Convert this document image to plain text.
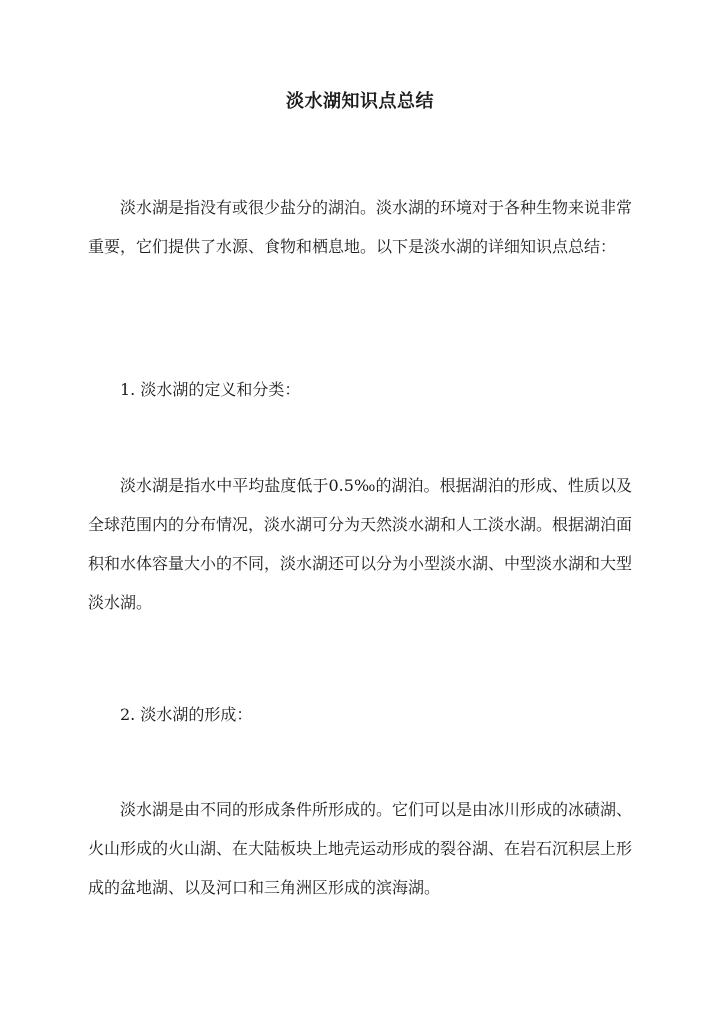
淡水湖知识点总结
淡水湖是指没有或很少盐分的湖泊。淡水湖的环境对于各种生物来说非常重要，它们提供了水源、食物和栖息地。以下是淡水湖的详细知识点总结：
1. 淡水湖的定义和分类：
淡水湖是指水中平均盐度低于0.5‰的湖泊。根据湖泊的形成、性质以及全球范围内的分布情况，淡水湖可分为天然淡水湖和人工淡水湖。根据湖泊面积和水体容量大小的不同，淡水湖还可以分为小型淡水湖、中型淡水湖和大型淡水湖。
2. 淡水湖的形成：
淡水湖是由不同的形成条件所形成的。它们可以是由冰川形成的冰碛湖、火山形成的火山湖、在大陆板块上地壳运动形成的裂谷湖、在岩石沉积层上形成的盆地湖、以及河口和三角洲区形成的滨海湖。
